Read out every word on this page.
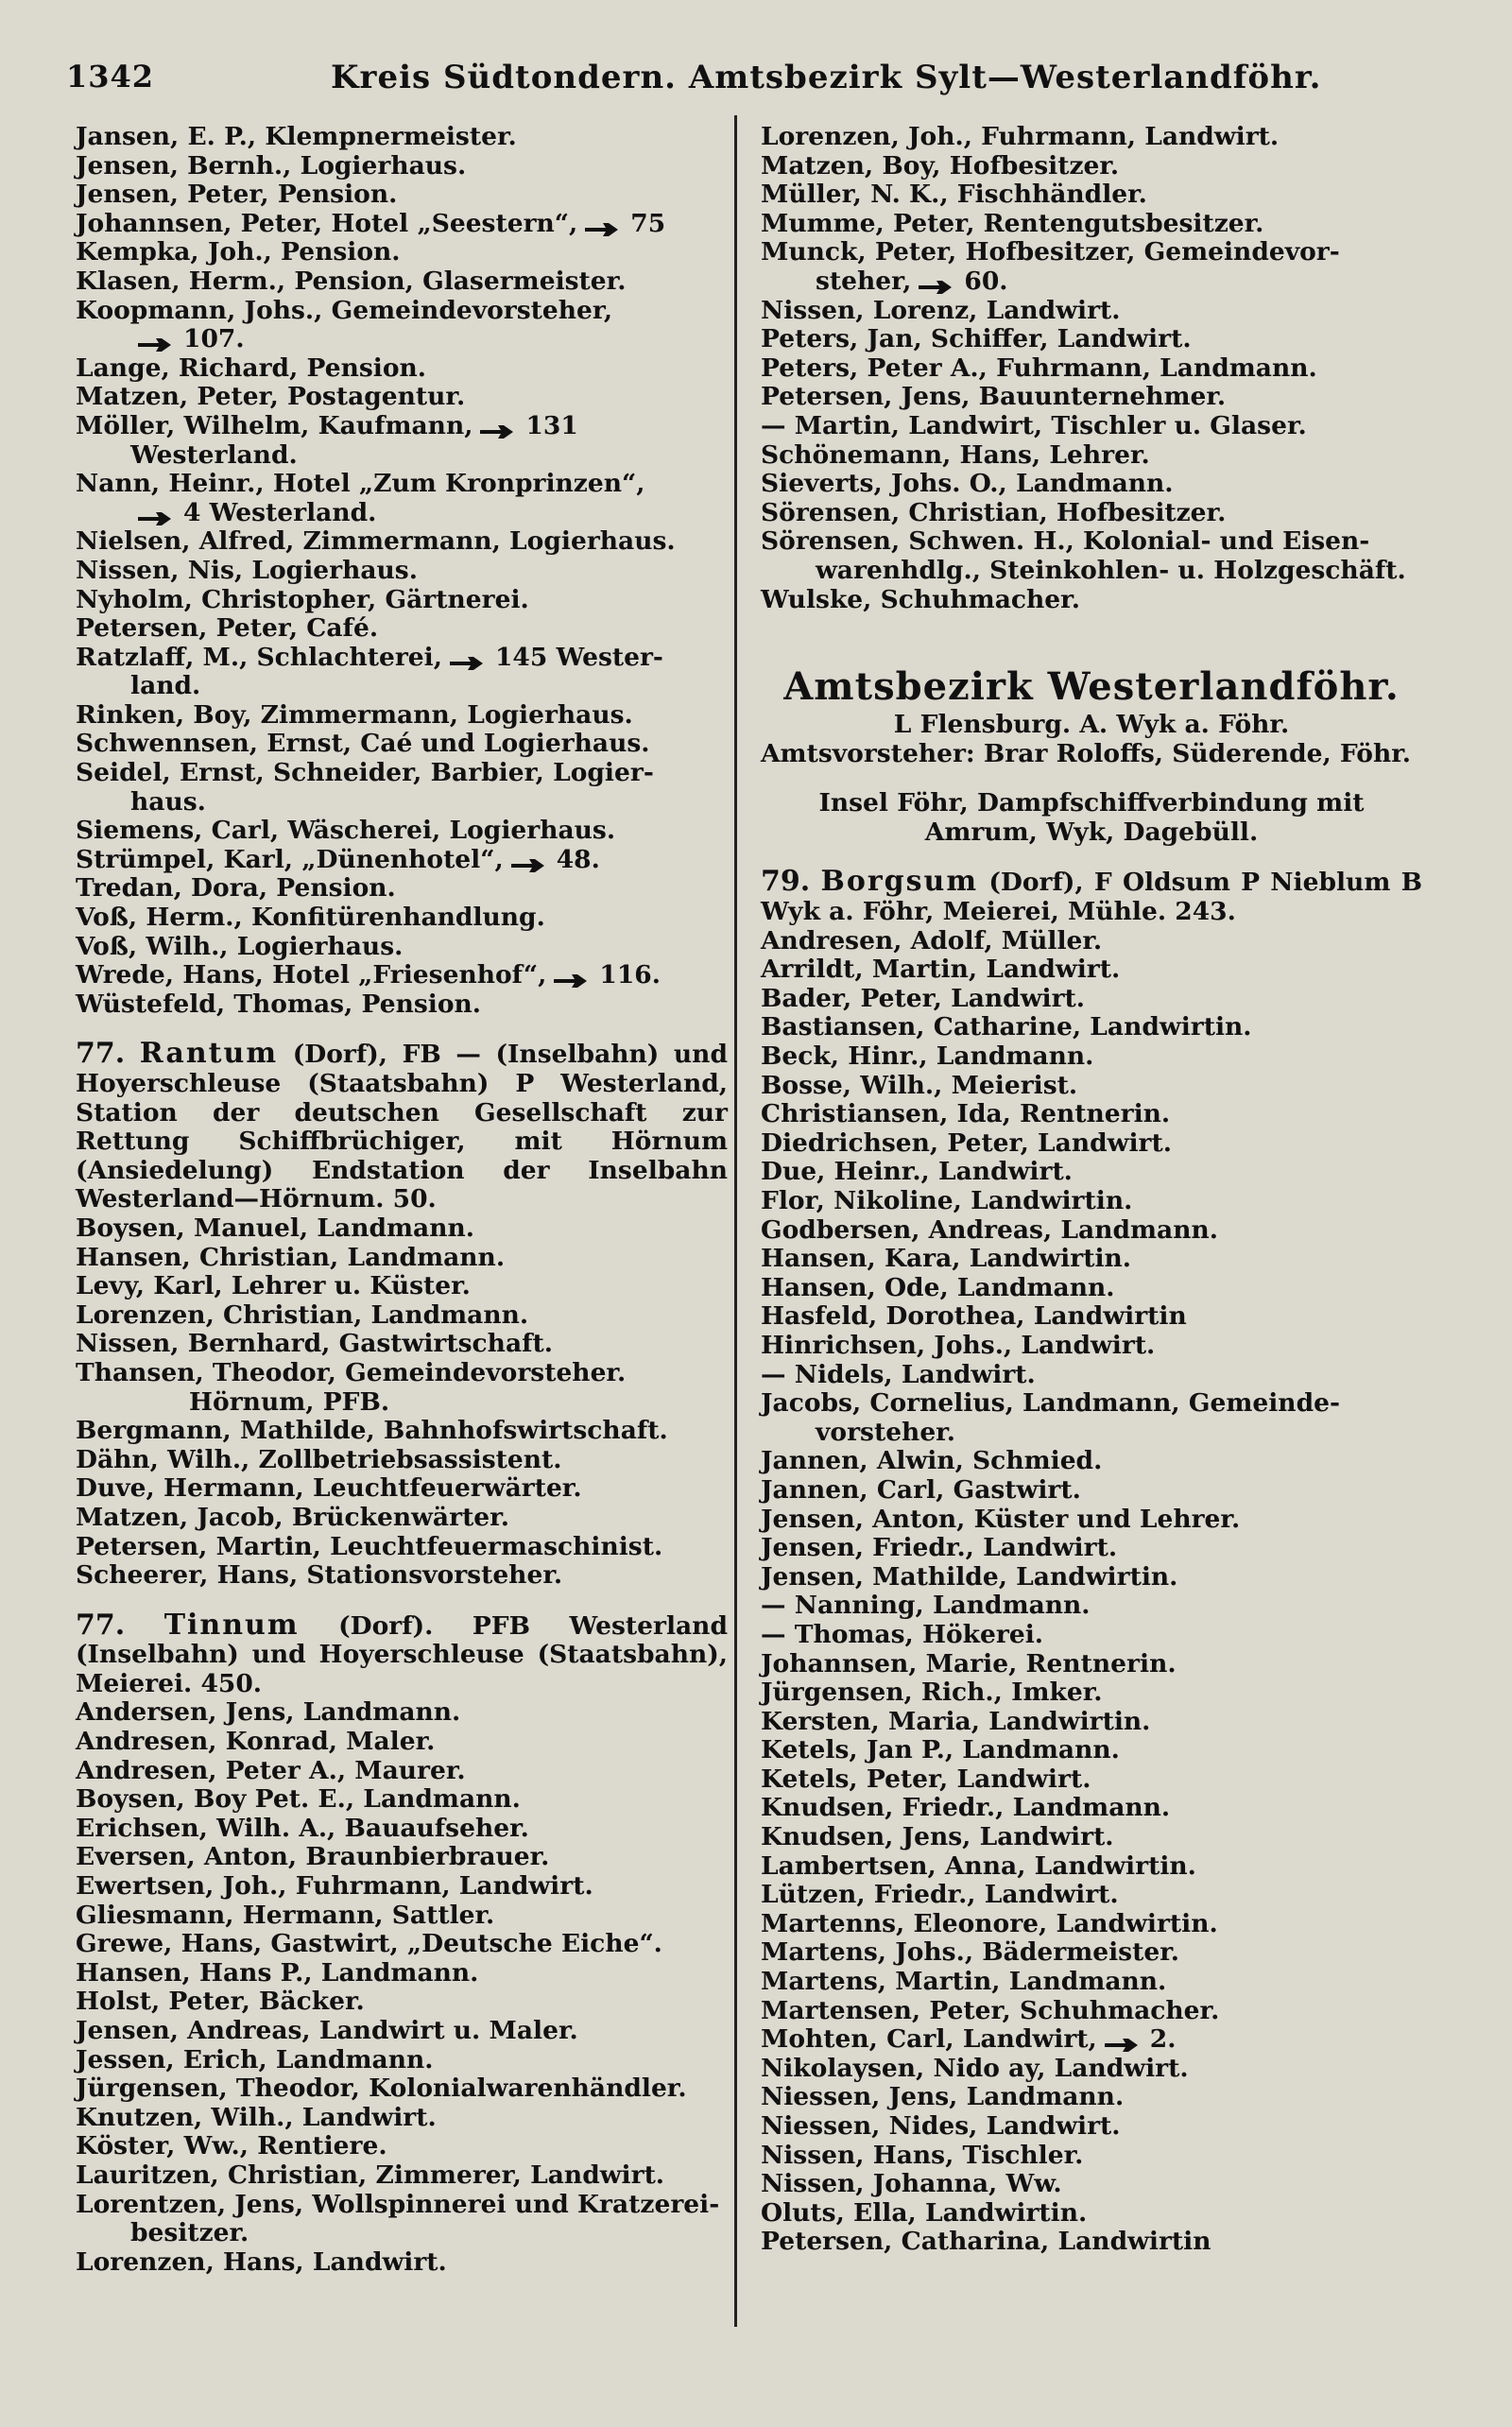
1342	Kreis Südtondern. Amtsbezirk Sylt—Westerlandföhr.
Jansen, E. P., Klempnermeister.
Jensen, Bernh., Logierhaus.
Jensen, Peter, Pension.
Johannsen, Peter, Hotel „Seestern“, 75
Kempka, Joh., Pension.
Klasen, Herm., Pension, Glasermeister.
Koopmann, Johs., Gemeindevorsteher,
107.
Lange, Richard, Pension.
Matzen, Peter, Postagentur.
Möller, Wilhelm, Kaufmann, 131
Westerland.
Nann, Heinr., Hotel „Zum Kronprinzen“,
4 Westerland.
Nielsen, Alfred, Zimmermann, Logierhaus.
Nissen, Nis, Logierhaus.
Nyholm, Christopher, Gärtnerei.
Petersen, Peter, Café.
Ratzlaff, M., Schlachterei, 145 Wester-
land.
Rinken, Boy, Zimmermann, Logierhaus.
Schwennsen, Ernst, Caé und Logierhaus.
Seidel, Ernst, Schneider, Barbier, Logier-
haus.
Siemens, Carl, Wäscherei, Logierhaus.
Strümpel, Karl, „Dünenhotel“, 48.
Tredan, Dora, Pension.
Voß, Herm., Konfitürenhandlung.
Voß, Wilh., Logierhaus.
Wrede, Hans, Hotel „Friesenhof“, 116.
Wüstefeld, Thomas, Pension.
77. Rantum (Dorf), FB — (Inselbahn) und Hoyerschleuse (Staatsbahn) P Westerland, Station der deutschen Gesellschaft zur Rettung Schiffbrüchiger, mit Hörnum (Ansiedelung) Endstation der Inselbahn Westerland—Hörnum. 50.
Boysen, Manuel, Landmann.
Hansen, Christian, Landmann.
Levy, Karl, Lehrer u. Küster.
Lorenzen, Christian, Landmann.
Nissen, Bernhard, Gastwirtschaft.
Thansen, Theodor, Gemeindevorsteher.
Hörnum, PFB.
Bergmann, Mathilde, Bahnhofswirtschaft.
Dähn, Wilh., Zollbetriebsassistent.
Duve, Hermann, Leuchtfeuerwärter.
Matzen, Jacob, Brückenwärter.
Petersen, Martin, Leuchtfeuermaschinist.
Scheerer, Hans, Stationsvorsteher.
77. Tinnum (Dorf). PFB Westerland (Inselbahn) und Hoyerschleuse (Staatsbahn), Meierei. 450.
Andersen, Jens, Landmann.
Andresen, Konrad, Maler.
Andresen, Peter A., Maurer.
Boysen, Boy Pet. E., Landmann.
Erichsen, Wilh. A., Bauaufseher.
Eversen, Anton, Braunbierbrauer.
Ewertsen, Joh., Fuhrmann, Landwirt.
Gliesmann, Hermann, Sattler.
Grewe, Hans, Gastwirt, „Deutsche Eiche“.
Hansen, Hans P., Landmann.
Holst, Peter, Bäcker.
Jensen, Andreas, Landwirt u. Maler.
Jessen, Erich, Landmann.
Jürgensen, Theodor, Kolonialwarenhändler.
Knutzen, Wilh., Landwirt.
Köster, Ww., Rentiere.
Lauritzen, Christian, Zimmerer, Landwirt.
Lorentzen, Jens, Wollspinnerei und Kratzerei-
besitzer.
Lorenzen, Hans, Landwirt.
Lorenzen, Joh., Fuhrmann, Landwirt.
Matzen, Boy, Hofbesitzer.
Müller, N. K., Fischhändler.
Mumme, Peter, Rentengutsbesitzer.
Munck, Peter, Hofbesitzer, Gemeindevor-
steher, 60.
Nissen, Lorenz, Landwirt.
Peters, Jan, Schiffer, Landwirt.
Peters, Peter A., Fuhrmann, Landmann.
Petersen, Jens, Bauunternehmer.
— Martin, Landwirt, Tischler u. Glaser.
Schönemann, Hans, Lehrer.
Sieverts, Johs. O., Landmann.
Sörensen, Christian, Hofbesitzer.
Sörensen, Schwen. H., Kolonial- und Eisen-
warenhdlg., Steinkohlen- u. Holzgeschäft.
Wulske, Schuhmacher.
Amtsbezirk Westerlandföhr.
L Flensburg. A. Wyk a. Föhr.
Amtsvorsteher: Brar Roloffs, Süderende, Föhr.
Insel Föhr, Dampfschiffverbindung mit Amrum, Wyk, Dagebüll.
79. Borgsum (Dorf), F Oldsum P Nieblum B Wyk a. Föhr, Meierei, Mühle. 243.
Andresen, Adolf, Müller.
Arrildt, Martin, Landwirt.
Bader, Peter, Landwirt.
Bastiansen, Catharine, Landwirtin.
Beck, Hinr., Landmann.
Bosse, Wilh., Meierist.
Christiansen, Ida, Rentnerin.
Diedrichsen, Peter, Landwirt.
Due, Heinr., Landwirt.
Flor, Nikoline, Landwirtin.
Godbersen, Andreas, Landmann.
Hansen, Kara, Landwirtin.
Hansen, Ode, Landmann.
Hasfeld, Dorothea, Landwirtin
Hinrichsen, Johs., Landwirt.
— Nidels, Landwirt.
Jacobs, Cornelius, Landmann, Gemeinde-
vorsteher.
Jannen, Alwin, Schmied.
Jannen, Carl, Gastwirt.
Jensen, Anton, Küster und Lehrer.
Jensen, Friedr., Landwirt.
Jensen, Mathilde, Landwirtin.
— Nanning, Landmann.
— Thomas, Hökerei.
Johannsen, Marie, Rentnerin.
Jürgensen, Rich., Imker.
Kersten, Maria, Landwirtin.
Ketels, Jan P., Landmann.
Ketels, Peter, Landwirt.
Knudsen, Friedr., Landmann.
Knudsen, Jens, Landwirt.
Lambertsen, Anna, Landwirtin.
Lützen, Friedr., Landwirt.
Martenns, Eleonore, Landwirtin.
Martens, Johs., Bädermeister.
Martens, Martin, Landmann.
Martensen, Peter, Schuhmacher.
Mohten, Carl, Landwirt, 2.
Nikolaysen, Nido ay, Landwirt.
Niessen, Jens, Landmann.
Niessen, Nides, Landwirt.
Nissen, Hans, Tischler.
Nissen, Johanna, Ww.
Oluts, Ella, Landwirtin.
Petersen, Catharina, Landwirtin
